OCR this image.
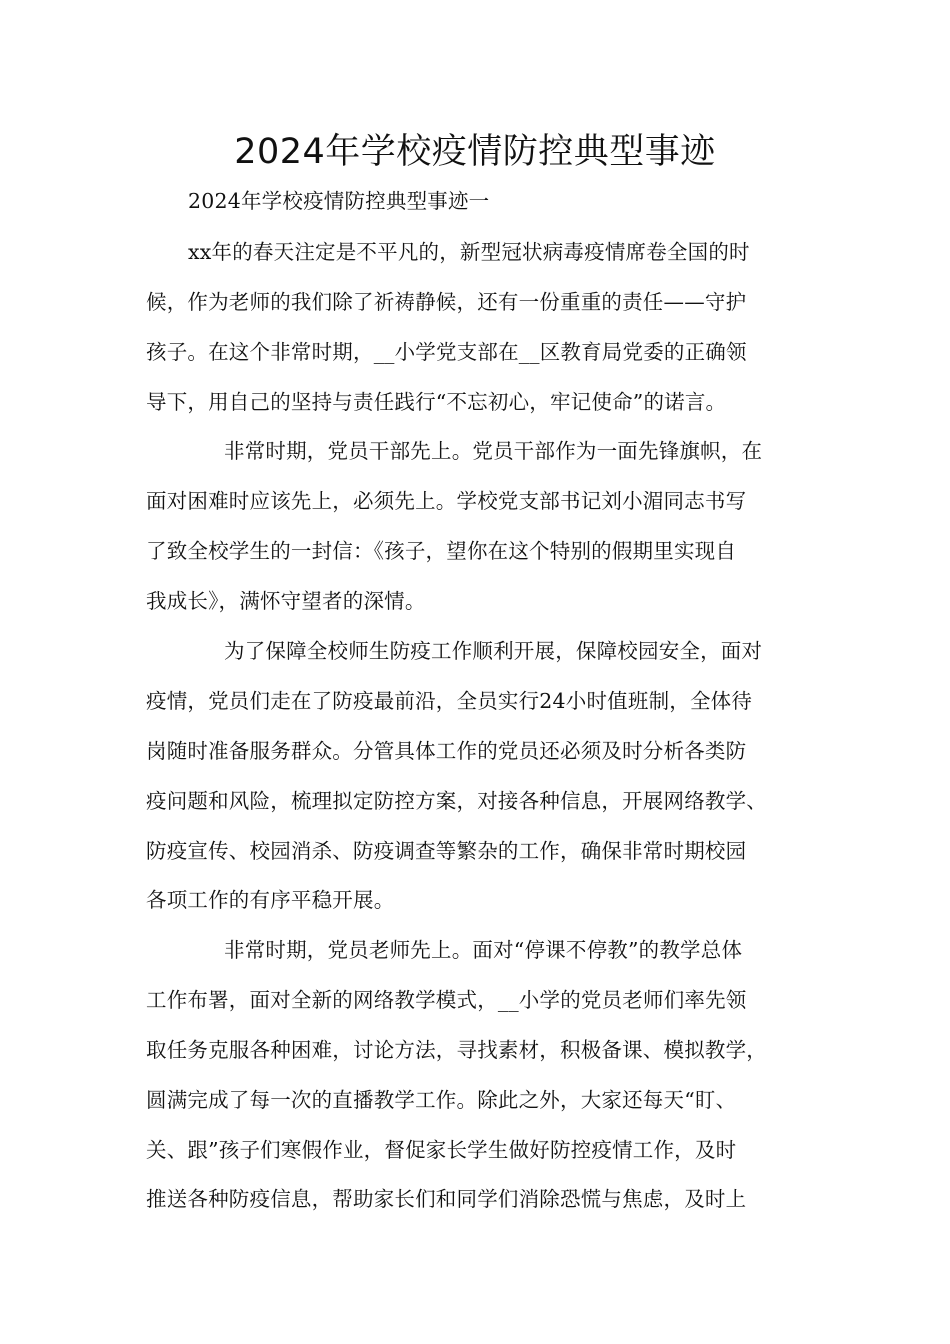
2024年学校疫情防控典型事迹
2024年学校疫情防控典型事迹一
xx年的春天注定是不平凡的，新型冠状病毒疫情席卷全国的时
候，作为老师的我们除了祈祷静候，还有一份重重的责任——守护
孩子。在这个非常时期，__小学党支部在__区教育局党委的正确领
导下，用自己的坚持与责任践行“不忘初心，牢记使命”的诺言。
非常时期，党员干部先上。党员干部作为一面先锋旗帜，在
面对困难时应该先上，必须先上。学校党支部书记刘小湄同志书写
了致全校学生的一封信：《孩子，望你在这个特别的假期里实现自
我成长》，满怀守望者的深情。
为了保障全校师生防疫工作顺利开展，保障校园安全，面对
疫情，党员们走在了防疫最前沿，全员实行24小时值班制，全体待
岗随时准备服务群众。分管具体工作的党员还必须及时分析各类防
疫问题和风险，梳理拟定防控方案，对接各种信息，开展网络教学、
防疫宣传、校园消杀、防疫调查等繁杂的工作，确保非常时期校园
各项工作的有序平稳开展。
非常时期，党员老师先上。面对“停课不停教”的教学总体
工作布署，面对全新的网络教学模式，__小学的党员老师们率先领
取任务克服各种困难，讨论方法，寻找素材，积极备课、模拟教学，
圆满完成了每一次的直播教学工作。除此之外，大家还每天“盯、
关、跟”孩子们寒假作业，督促家长学生做好防控疫情工作，及时
推送各种防疫信息，帮助家长们和同学们消除恐慌与焦虑，及时上
